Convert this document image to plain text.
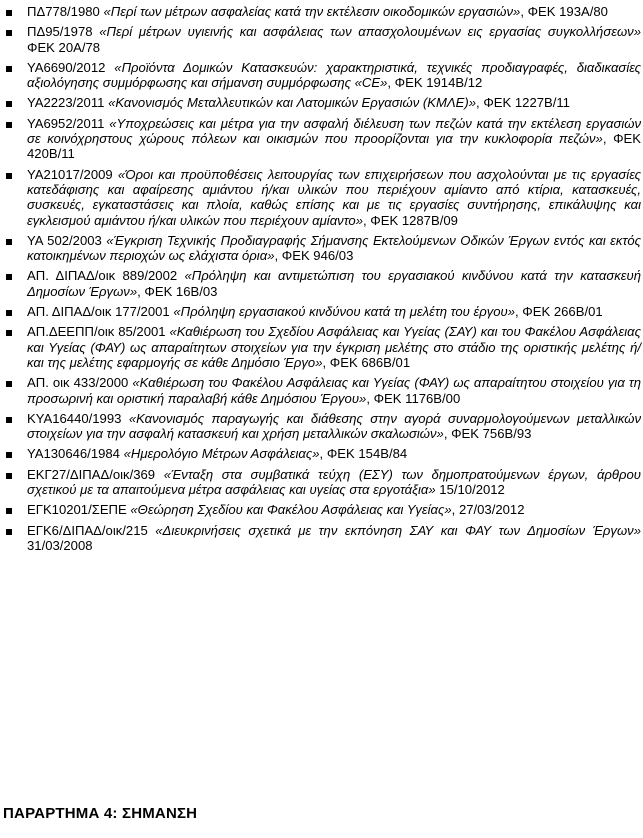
ΠΔ778/1980 «Περί των μέτρων ασφαλείας κατά την εκτέλεσιν οικοδομικών εργασιών», ΦΕΚ 193Α/80
ΠΔ95/1978 «Περί μέτρων υγιεινής και ασφάλειας των απασχολουμένων εις εργασίας συγκολλήσεων» ΦΕΚ 20Α/78
ΥΑ6690/2012 «Προϊόντα Δομικών Κατασκευών: χαρακτηριστικά, τεχνικές προδιαγραφές, διαδικασίες αξιολόγησης συμμόρφωσης και σήμανση συμμόρφωσης «CE», ΦΕΚ 1914Β/12
ΥΑ2223/2011 «Κανονισμός Μεταλλευτικών και Λατομικών Εργασιών (ΚΜΛΕ)», ΦΕΚ 1227Β/11
ΥΑ6952/2011 «Υποχρεώσεις και μέτρα για την ασφαλή διέλευση των πεζών κατά την εκτέλεση εργασιών σε κοινόχρηστους χώρους πόλεων και οικισμών που προορίζονται για την κυκλοφορία πεζών», ΦΕΚ 420Β/11
ΥΑ21017/2009 «Όροι και προϋποθέσεις λειτουργίας των επιχειρήσεων που ασχολούνται με τις εργασίες κατεδάφισης και αφαίρεσης αμιάντου ή/και υλικών που περιέχουν αμίαντο από κτίρια, κατασκευές, συσκευές, εγκαταστάσεις και πλοία, καθώς επίσης και με τις εργασίες συντήρησης, επικάλυψης και εγκλεισμού αμιάντου ή/και υλικών που περιέχουν αμίαντο», ΦΕΚ 1287Β/09
ΥΑ 502/2003 «Έγκριση Τεχνικής Προδιαγραφής Σήμανσης Εκτελούμενων Οδικών Έργων εντός και εκτός κατοικημένων περιοχών ως ελάχιστα όρια», ΦΕΚ 946/03
ΑΠ. ΔΙΠΑΔ/οικ 889/2002 «Πρόληψη και αντιμετώπιση του εργασιακού κινδύνου κατά την κατασκευή Δημοσίων Έργων», ΦΕΚ 16Β/03
ΑΠ. ΔΙΠΑΔ/οικ 177/2001 «Πρόληψη εργασιακού κινδύνου κατά τη μελέτη του έργου», ΦΕΚ 266Β/01
ΑΠ.ΔΕΕΠΠ/οικ 85/2001 «Καθιέρωση του Σχεδίου Ασφάλειας και Υγείας (ΣΑΥ) και του Φακέλου Ασφάλειας και Υγείας (ΦΑΥ) ως απαραίτητων στοιχείων για την έγκριση μελέτης στο στάδιο της οριστικής μελέτης ή/και της μελέτης εφαρμογής σε κάθε Δημόσιο Έργο», ΦΕΚ 686Β/01
ΑΠ. οικ 433/2000 «Καθιέρωση του Φακέλου Ασφάλειας και Υγείας (ΦΑΥ) ως απαραίτητου στοιχείου για τη προσωρινή και οριστική παραλαβή κάθε Δημόσιου Έργου», ΦΕΚ 1176Β/00
ΚΥΑ16440/1993 «Κανονισμός παραγωγής και διάθεσης στην αγορά συναρμολογούμενων μεταλλικών στοιχείων για την ασφαλή κατασκευή και χρήση μεταλλικών σκαλωσιών», ΦΕΚ 756Β/93
ΥΑ130646/1984 «Ημερολόγιο Μέτρων Ασφάλειας», ΦΕΚ 154Β/84
ΕΚΓ27/ΔΙΠΑΔ/οικ/369 «Ένταξη στα συμβατικά τεύχη (ΕΣΥ) των δημοπρατούμενων έργων, άρθρου σχετικού με τα απαιτούμενα μέτρα ασφάλειας και υγείας στα εργοτάξια» 15/10/2012
ΕΓΚ10201/ΣΕΠΕ «Θεώρηση Σχεδίου και Φακέλου Ασφάλειας και Υγείας», 27/03/2012
ΕΓΚ6/ΔΙΠΑΔ/οικ/215 «Διευκρινήσεις σχετικά με την εκπόνηση ΣΑΥ και ΦΑΥ των Δημοσίων Έργων» 31/03/2008
ΠΑΡΑΡΤΗΜΑ 4: ΣΗΜΑΝΣΗ
